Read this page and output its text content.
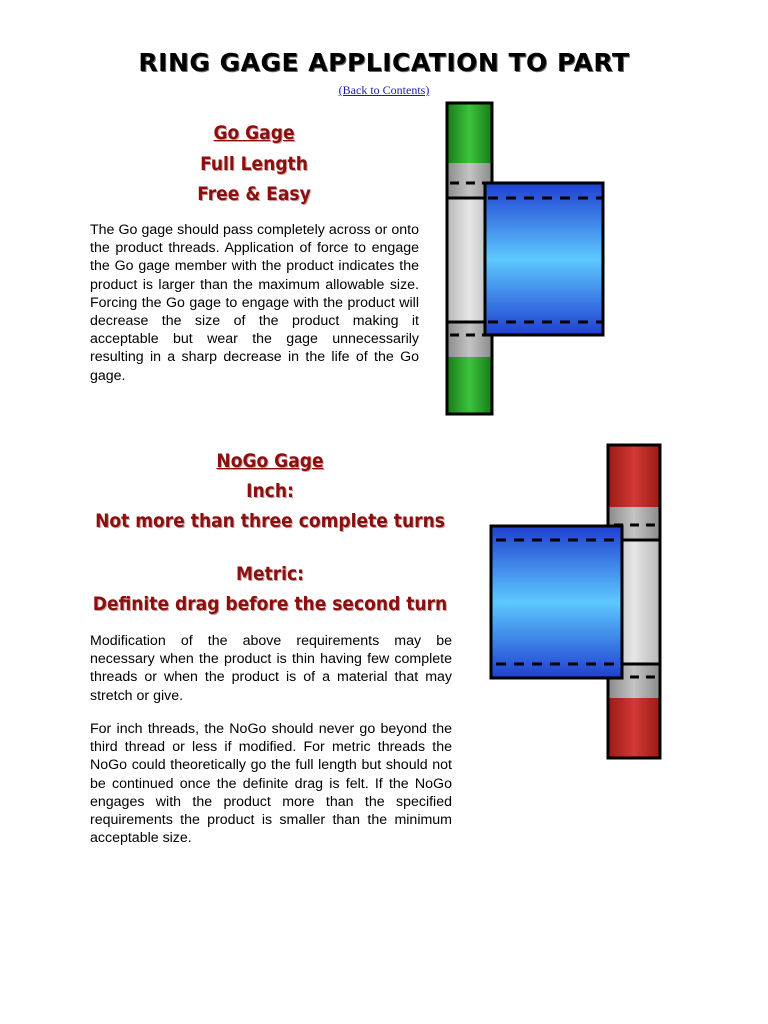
RING GAGE APPLICATION TO PART
(Back to Contents)
Go Gage
Full Length
Free & Easy
The Go gage should pass completely across or onto the product threads. Application of force to engage the Go gage member with the product indicates the product is larger than the maximum allowable size. Forcing the Go gage to engage with the product will decrease the size of the product making it acceptable but wear the gage unnecessarily resulting in a sharp decrease in the life of the Go gage.
NoGo Gage
Inch:
Not more than three complete turns
Metric:
Definite drag before the second turn
Modification of the above requirements may be necessary when the product is thin having few complete threads or when the product is of a material that may stretch or give.
For inch threads, the NoGo should never go beyond the third thread or less if modified. For metric threads the NoGo could theoretically go the full length but should not be continued once the definite drag is felt. If the NoGo engages with the product more than the specified requirements the product is smaller than the minimum acceptable size.
